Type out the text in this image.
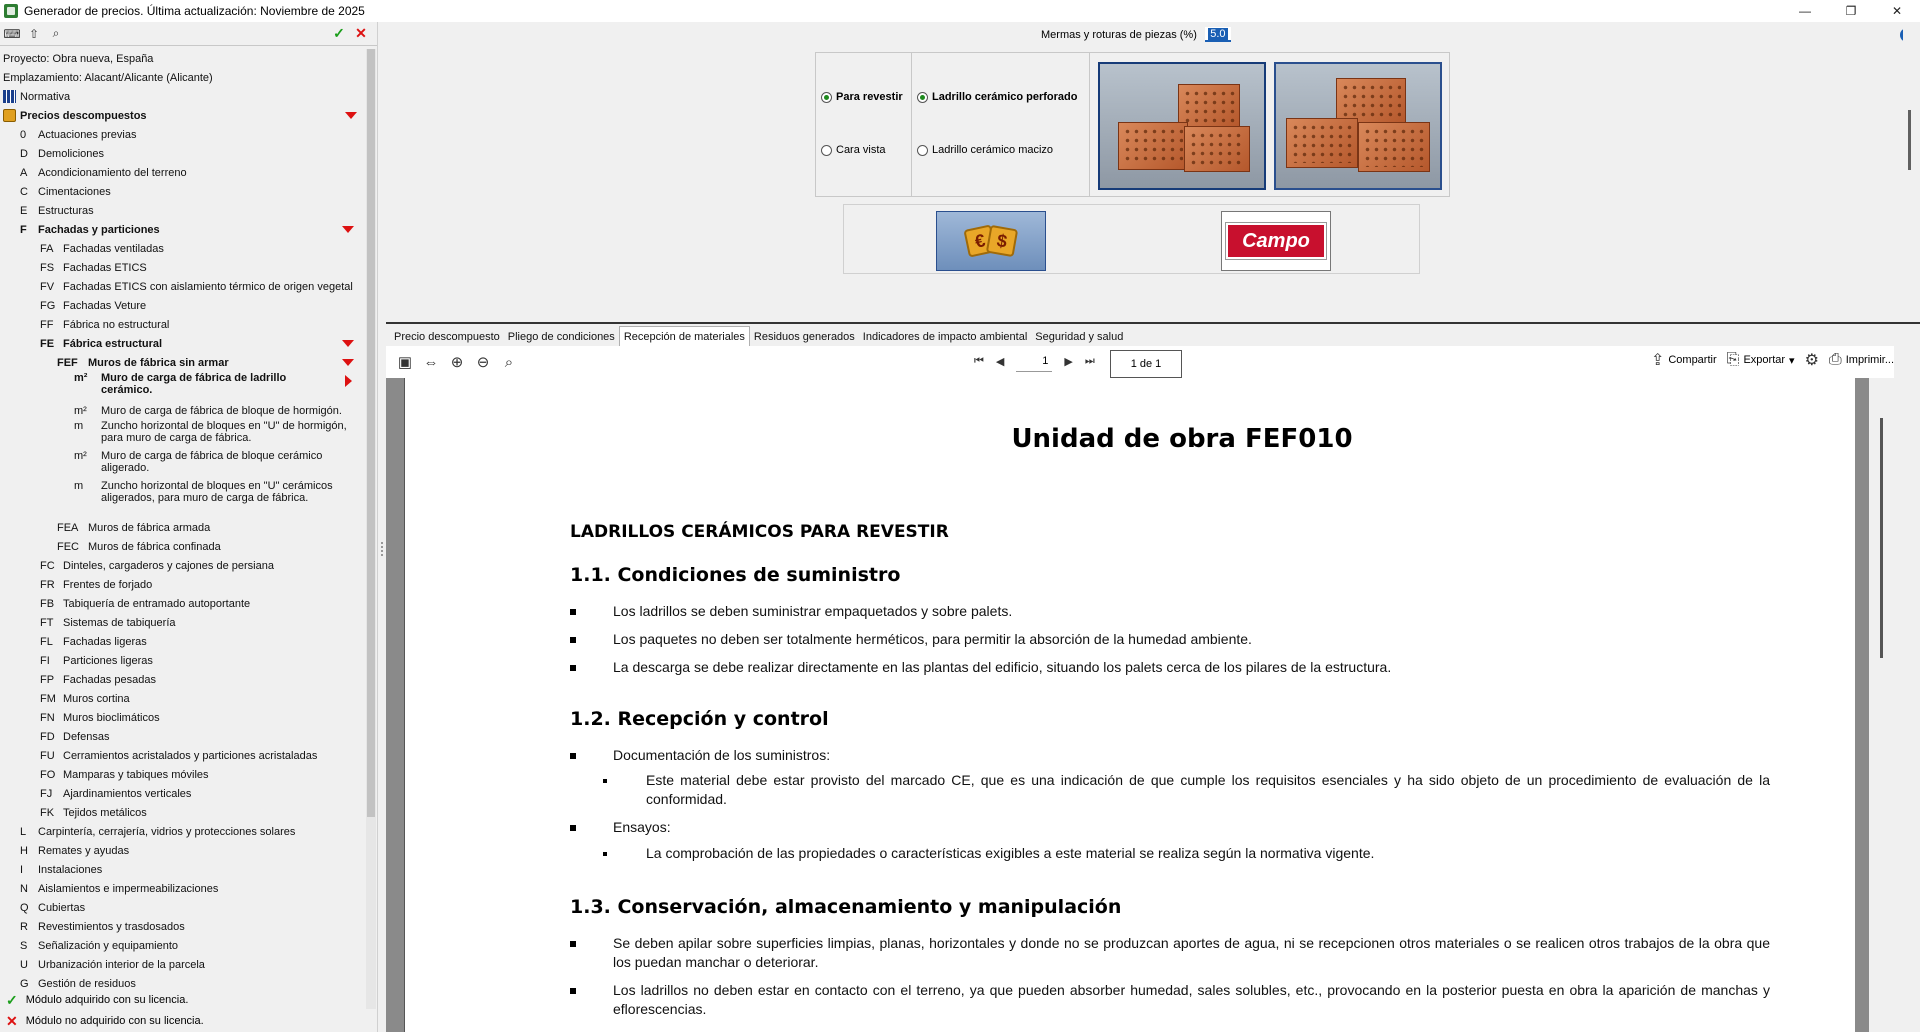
Generador de precios. Última actualización: Noviembre de 2025	—	❐	✕
⌨ ⇧	⌕	✓ ✕
Proyecto: Obra nueva, España
Emplazamiento: Alacant/Alicante (Alicante)
Normativa
Precios descompuestos
0	Actuaciones previas
D Demoliciones
A Acondicionamiento del terreno
C Cimentaciones
E Estructuras
F	Fachadas y particiones
FA Fachadas ventiladas
FS Fachadas ETICS
FV Fachadas ETICS con aislamiento térmico de origen vegetal
FG Fachadas Veture
FF Fábrica no estructural
FE Fábrica estructural
FEF Muros de fábrica sin armar
m²	Muro de carga de fábrica de ladrillo
cerámico.
m²	Muro de carga de fábrica de bloque de hormigón.
m	Zuncho horizontal de bloques en "U" de hormigón,
para muro de carga de fábrica.
m²	Muro de carga de fábrica de bloque cerámico
aligerado.
m	Zuncho horizontal de bloques en "U" cerámicos
aligerados, para muro de carga de fábrica.
FEA Muros de fábrica armada
FEC Muros de fábrica confinada
FC Dinteles, cargaderos y cajones de persiana
FR Frentes de forjado
FB Tabiquería de entramado autoportante
FT Sistemas de tabiquería
FL Fachadas ligeras
FI	Particiones ligeras
FP Fachadas pesadas
FM Muros cortina
FN Muros bioclimáticos
FD Defensas
FU Cerramientos acristalados y particiones acristaladas
FO Mamparas y tabiques móviles
FJ Ajardinamientos verticales
FK Tejidos metálicos
L	Carpintería, cerrajería, vidrios y protecciones solares
H Remates y ayudas
I	Instalaciones
N Aislamientos e impermeabilizaciones
Q Cubiertas
R Revestimientos y trasdosados
S Señalización y equipamiento
U Urbanización interior de la parcela
G Gestión de residuos
✓ Módulo adquirido con su licencia.
✕ Módulo no adquirido con su licencia.
Mermas y roturas de piezas (%) 5.0
Para revestir
Cara vista
Ladrillo cerámico perforado
Ladrillo cerámico macizo
€ $	Campo
Precio descompuesto Pliego de condiciones Recepción de materiales Residuos generados Indicadores de impacto ambiental Seguridad y salud
▣ ⇔ ⊕ ⊖	⌕	⏮ ◀
1	▶ ⏭	1 de 1	⇪ Compartir ⎘ Exportar ▾ ⚙ ⎙ Imprimir...
Unidad de obra FEF010
LADRILLOS CERÁMICOS PARA REVESTIR
1.1. Condiciones de suministro
Los ladrillos se deben suministrar empaquetados y sobre palets.
Los paquetes no deben ser totalmente herméticos, para permitir la absorción de la humedad ambiente.
La descarga se debe realizar directamente en las plantas del edificio, situando los palets cerca de los pilares de la estructura.
1.2. Recepción y control
Documentación de los suministros:
Este material debe estar provisto del marcado CE, que es una indicación de que cumple los requisitos esenciales y ha sido objeto de un procedimiento de evaluación de la conformidad.
Ensayos:
La comprobación de las propiedades o características exigibles a este material se realiza según la normativa vigente.
1.3. Conservación, almacenamiento y manipulación
Se deben apilar sobre superficies limpias, planas, horizontales y donde no se produzcan aportes de agua, ni se recepcionen otros materiales o se realicen otros trabajos de la obra que los puedan manchar o deteriorar.
Los ladrillos no deben estar en contacto con el terreno, ya que pueden absorber humedad, sales solubles, etc., provocando en la posterior puesta en obra la aparición de manchas y eflorescencias.
